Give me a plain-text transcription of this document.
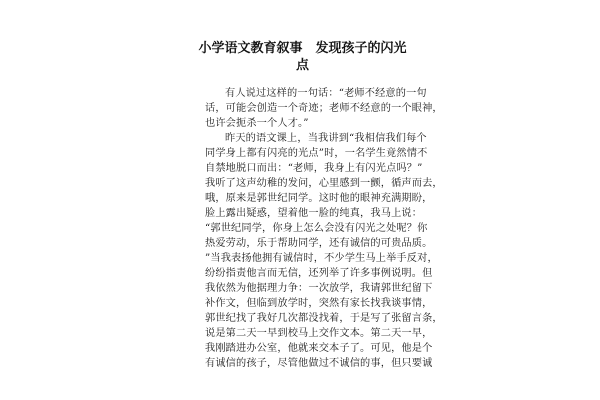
小学语文教育叙事　发现孩子的闪光
点
有人说过这样的一句话：“老师不经意的一句
话，可能会创造一个奇迹；老师不经意的一个眼神，
也许会扼杀一个人才。”
昨天的语文课上，当我讲到“我相信我们每个
同学身上都有闪亮的光点”时，一名学生竟然情不
自禁地脱口而出：“老师，我身上有闪光点吗？”
我听了这声幼稚的发问，心里感到一颤，循声而去，
哦，原来是郭世纪同学。这时他的眼神充满期盼，
脸上露出疑惑，望着他一脸的纯真，我马上说：
“郭世纪同学，你身上怎么会没有闪光之处呢？你
热爱劳动，乐于帮助同学，还有诚信的可贵品质。
”当我表扬他拥有诚信时，不少学生马上举手反对，
纷纷指责他言而无信，还列举了许多事例说明。但
我依然为他据理力争：一次放学，我请郭世纪留下
补作文，但临到放学时，突然有家长找我谈事情，
郭世纪找了我好几次都没找着，于是写了张留言条，
说是第二天一早到校马上交作文本。第二天一早，
我刚踏进办公室，他就来交本子了。可见，他是个
有诚信的孩子，尽管他做过不诚信的事，但只要诚
